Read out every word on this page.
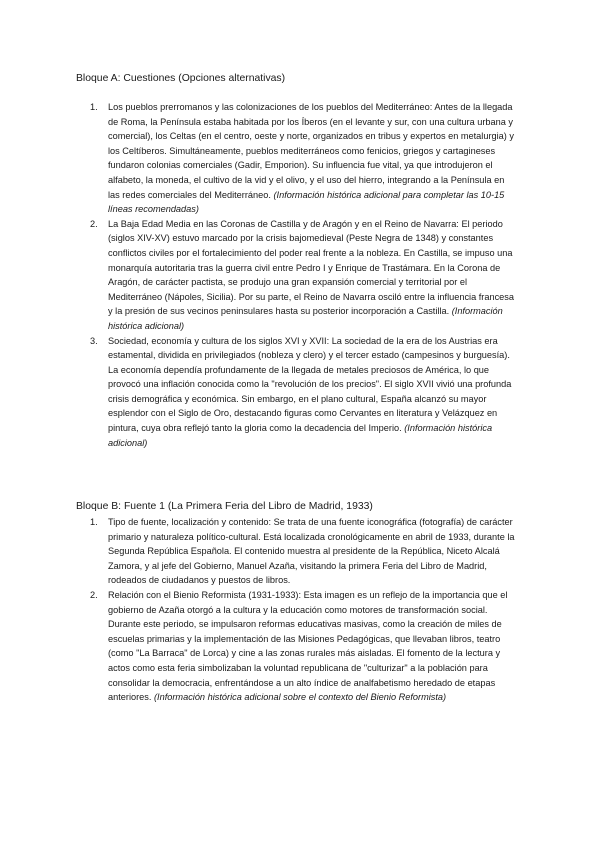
Bloque A: Cuestiones (Opciones alternativas)
1. Los pueblos prerromanos y las colonizaciones de los pueblos del Mediterráneo: Antes de la llegada de Roma, la Península estaba habitada por los Íberos (en el levante y sur, con una cultura urbana y comercial), los Celtas (en el centro, oeste y norte, organizados en tribus y expertos en metalurgia) y los Celtíberos. Simultáneamente, pueblos mediterráneos como fenicios, griegos y cartagineses fundaron colonias comerciales (Gadir, Emporion). Su influencia fue vital, ya que introdujeron el alfabeto, la moneda, el cultivo de la vid y el olivo, y el uso del hierro, integrando a la Península en las redes comerciales del Mediterráneo. (Información histórica adicional para completar las 10-15 líneas recomendadas)
2. La Baja Edad Media en las Coronas de Castilla y de Aragón y en el Reino de Navarra: El periodo (siglos XIV-XV) estuvo marcado por la crisis bajomedieval (Peste Negra de 1348) y constantes conflictos civiles por el fortalecimiento del poder real frente a la nobleza. En Castilla, se impuso una monarquía autoritaria tras la guerra civil entre Pedro I y Enrique de Trastámara. En la Corona de Aragón, de carácter pactista, se produjo una gran expansión comercial y territorial por el Mediterráneo (Nápoles, Sicilia). Por su parte, el Reino de Navarra osciló entre la influencia francesa y la presión de sus vecinos peninsulares hasta su posterior incorporación a Castilla. (Información histórica adicional)
3. Sociedad, economía y cultura de los siglos XVI y XVII: La sociedad de la era de los Austrias era estamental, dividida en privilegiados (nobleza y clero) y el tercer estado (campesinos y burguesía). La economía dependía profundamente de la llegada de metales preciosos de América, lo que provocó una inflación conocida como la "revolución de los precios". El siglo XVII vivió una profunda crisis demográfica y económica. Sin embargo, en el plano cultural, España alcanzó su mayor esplendor con el Siglo de Oro, destacando figuras como Cervantes en literatura y Velázquez en pintura, cuya obra reflejó tanto la gloria como la decadencia del Imperio. (Información histórica adicional)
Bloque B: Fuente 1 (La Primera Feria del Libro de Madrid, 1933)
1. Tipo de fuente, localización y contenido: Se trata de una fuente iconográfica (fotografía) de carácter primario y naturaleza político-cultural. Está localizada cronológicamente en abril de 1933, durante la Segunda República Española. El contenido muestra al presidente de la República, Niceto Alcalá Zamora, y al jefe del Gobierno, Manuel Azaña, visitando la primera Feria del Libro de Madrid, rodeados de ciudadanos y puestos de libros.
2. Relación con el Bienio Reformista (1931-1933): Esta imagen es un reflejo de la importancia que el gobierno de Azaña otorgó a la cultura y la educación como motores de transformación social. Durante este periodo, se impulsaron reformas educativas masivas, como la creación de miles de escuelas primarias y la implementación de las Misiones Pedagógicas, que llevaban libros, teatro (como "La Barraca" de Lorca) y cine a las zonas rurales más aisladas. El fomento de la lectura y actos como esta feria simbolizaban la voluntad republicana de "culturizar" a la población para consolidar la democracia, enfrentándose a un alto índice de analfabetismo heredado de etapas anteriores. (Información histórica adicional sobre el contexto del Bienio Reformista)
